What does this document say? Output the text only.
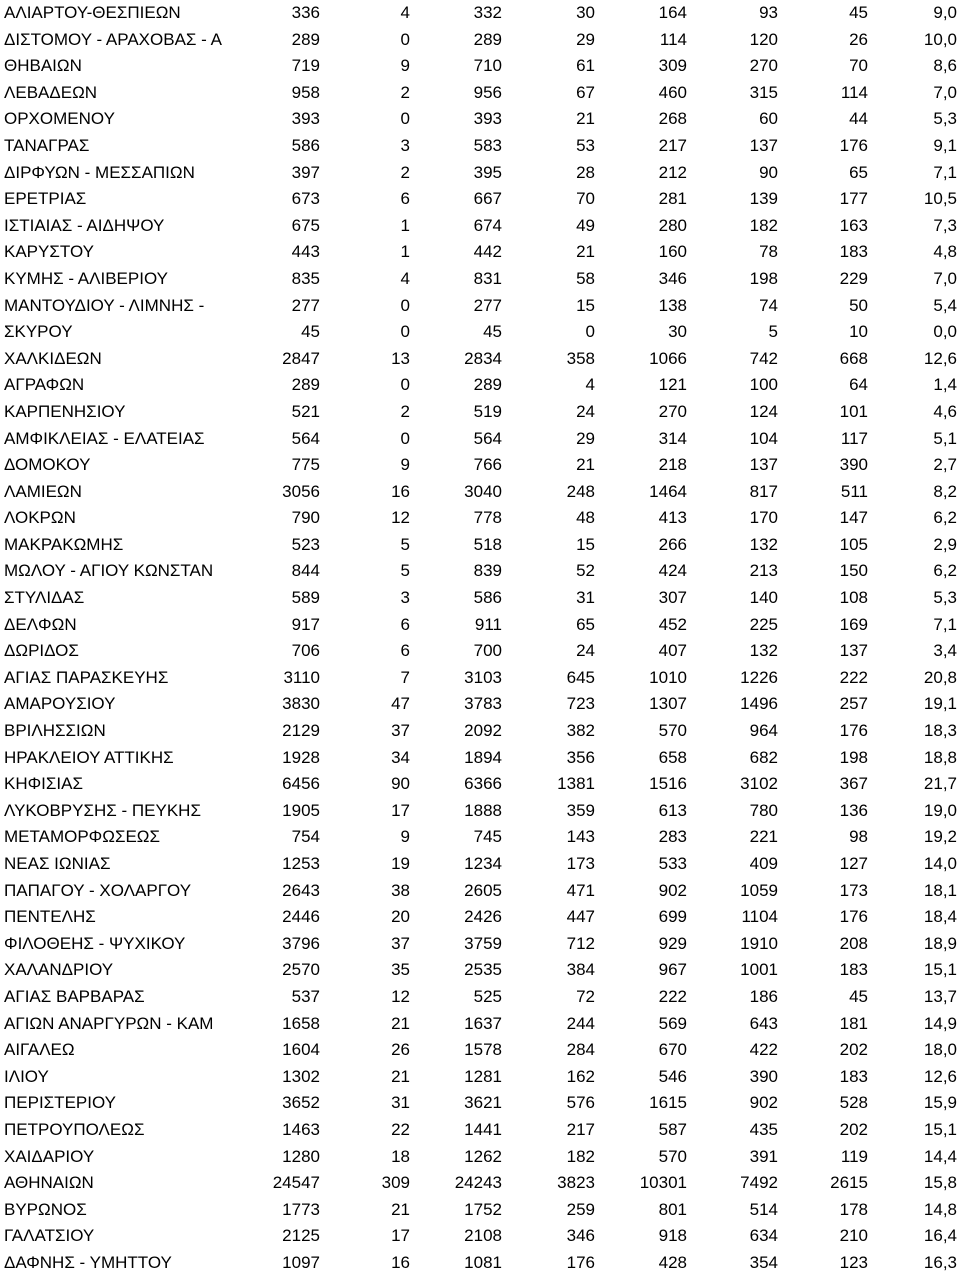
ΑΛΙΑΡΤΟΥ-ΘΕΣΠΙΕΩΝ	336	4	332	30	164	93	45	9,0
ΔΙΣΤΟΜΟΥ - ΑΡΑΧΟΒΑΣ - Α	289	0	289	29	114	120	26	10,0
ΘΗΒΑΙΩΝ	719	9	710	61	309	270	70	8,6
ΛΕΒΑΔΕΩΝ	958	2	956	67	460	315	114	7,0
ΟΡΧΟΜΕΝΟΥ	393	0	393	21	268	60	44	5,3
ΤΑΝΑΓΡΑΣ	586	3	583	53	217	137	176	9,1
ΔΙΡΦΥΩΝ - ΜΕΣΣΑΠΙΩΝ	397	2	395	28	212	90	65	7,1
ΕΡΕΤΡΙΑΣ	673	6	667	70	281	139	177	10,5
ΙΣΤΙΑΙΑΣ - ΑΙΔΗΨΟΥ	675	1	674	49	280	182	163	7,3
ΚΑΡΥΣΤΟΥ	443	1	442	21	160	78	183	4,8
ΚΥΜΗΣ - ΑΛΙΒΕΡΙΟΥ	835	4	831	58	346	198	229	7,0
ΜΑΝΤΟΥΔΙΟΥ - ΛΙΜΝΗΣ -	277	0	277	15	138	74	50	5,4
ΣΚΥΡΟΥ	45	0	45	0	30	5	10	0,0
ΧΑΛΚΙΔΕΩΝ	2847	13	2834	358	1066	742	668	12,6
ΑΓΡΑΦΩΝ	289	0	289	4	121	100	64	1,4
ΚΑΡΠΕΝΗΣΙΟΥ	521	2	519	24	270	124	101	4,6
ΑΜΦΙΚΛΕΙΑΣ - ΕΛΑΤΕΙΑΣ	564	0	564	29	314	104	117	5,1
ΔΟΜΟΚΟΥ	775	9	766	21	218	137	390	2,7
ΛΑΜΙΕΩΝ	3056	16	3040	248	1464	817	511	8,2
ΛΟΚΡΩΝ	790	12	778	48	413	170	147	6,2
ΜΑΚΡΑΚΩΜΗΣ	523	5	518	15	266	132	105	2,9
ΜΩΛΟΥ - ΑΓΙΟΥ ΚΩΝΣΤΑΝ	844	5	839	52	424	213	150	6,2
ΣΤΥΛΙΔΑΣ	589	3	586	31	307	140	108	5,3
ΔΕΛΦΩΝ	917	6	911	65	452	225	169	7,1
ΔΩΡΙΔΟΣ	706	6	700	24	407	132	137	3,4
ΑΓΙΑΣ ΠΑΡΑΣΚΕΥΗΣ	3110	7	3103	645	1010	1226	222	20,8
ΑΜΑΡΟΥΣΙΟΥ	3830	47	3783	723	1307	1496	257	19,1
ΒΡΙΛΗΣΣΙΩΝ	2129	37	2092	382	570	964	176	18,3
ΗΡΑΚΛΕΙΟΥ ΑΤΤΙΚΗΣ	1928	34	1894	356	658	682	198	18,8
ΚΗΦΙΣΙΑΣ	6456	90	6366	1381	1516	3102	367	21,7
ΛΥΚΟΒΡΥΣΗΣ - ΠΕΥΚΗΣ	1905	17	1888	359	613	780	136	19,0
ΜΕΤΑΜΟΡΦΩΣΕΩΣ	754	9	745	143	283	221	98	19,2
ΝΕΑΣ ΙΩΝΙΑΣ	1253	19	1234	173	533	409	127	14,0
ΠΑΠΑΓΟΥ - ΧΟΛΑΡΓΟΥ	2643	38	2605	471	902	1059	173	18,1
ΠΕΝΤΕΛΗΣ	2446	20	2426	447	699	1104	176	18,4
ΦΙΛΟΘΕΗΣ - ΨΥΧΙΚΟΥ	3796	37	3759	712	929	1910	208	18,9
ΧΑΛΑΝΔΡΙΟΥ	2570	35	2535	384	967	1001	183	15,1
ΑΓΙΑΣ ΒΑΡΒΑΡΑΣ	537	12	525	72	222	186	45	13,7
ΑΓΙΩΝ ΑΝΑΡΓΥΡΩΝ - ΚΑΜ	1658	21	1637	244	569	643	181	14,9
ΑΙΓΑΛΕΩ	1604	26	1578	284	670	422	202	18,0
ΙΛΙΟΥ	1302	21	1281	162	546	390	183	12,6
ΠΕΡΙΣΤΕΡΙΟΥ	3652	31	3621	576	1615	902	528	15,9
ΠΕΤΡΟΥΠΟΛΕΩΣ	1463	22	1441	217	587	435	202	15,1
ΧΑΙΔΑΡΙΟΥ	1280	18	1262	182	570	391	119	14,4
ΑΘΗΝΑΙΩΝ	24547	309	24243	3823	10301	7492	2615	15,8
ΒΥΡΩΝΟΣ	1773	21	1752	259	801	514	178	14,8
ΓΑΛΑΤΣΙΟΥ	2125	17	2108	346	918	634	210	16,4
ΔΑΦΝΗΣ - ΥΜΗΤΤΟΥ	1097	16	1081	176	428	354	123	16,3
